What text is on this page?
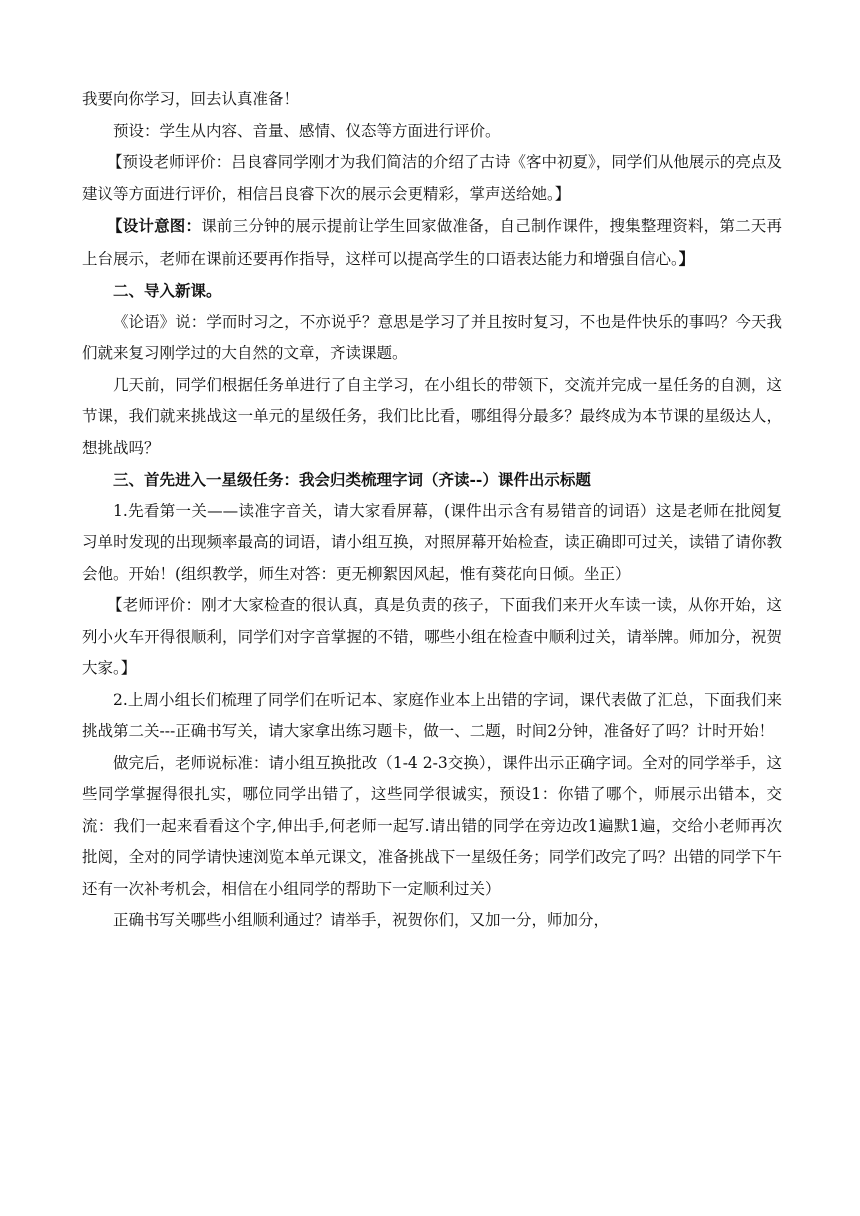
我要向你学习，回去认真准备！

预设：学生从内容、音量、感情、仪态等方面进行评价。

【预设老师评价：吕良睿同学刚才为我们简洁的介绍了古诗《客中初夏》，同学们从他展示的亮点及建议等方面进行评价，相信吕良睿下次的展示会更精彩，掌声送给她。】

【设计意图：课前三分钟的展示提前让学生回家做准备，自己制作课件，搜集整理资料，第二天再上台展示，老师在课前还要再作指导，这样可以提高学生的口语表达能力和增强自信心。】

二、导入新课。

《论语》说：学而时习之，不亦说乎？意思是学习了并且按时复习，不也是件快乐的事吗？今天我们就来复习刚学过的大自然的文章，齐读课题。

几天前，同学们根据任务单进行了自主学习，在小组长的带领下，交流并完成一星任务的自测，这节课，我们就来挑战这一单元的星级任务，我们比比看，哪组得分最多？最终成为本节课的星级达人，想挑战吗？

三、首先进入一星级任务：我会归类梳理字词（齐读--）课件出示标题

1.先看第一关——读准字音关，请大家看屏幕，(课件出示含有易错音的词语）这是老师在批阅复习单时发现的出现频率最高的词语，请小组互换，对照屏幕开始检查，读正确即可过关，读错了请你教会他。开始！(组织教学，师生对答：更无柳絮因风起，惟有葵花向日倾。坐正）

【老师评价：刚才大家检查的很认真，真是负责的孩子，下面我们来开火车读一读，从你开始，这列小火车开得很顺利，同学们对字音掌握的不错，哪些小组在检查中顺利过关，请举牌。师加分，祝贺大家。】

2.上周小组长们梳理了同学们在听记本、家庭作业本上出错的字词，课代表做了汇总，下面我们来挑战第二关---正确书写关，请大家拿出练习题卡，做一、二题，时间2分钟，准备好了吗？计时开始！

做完后，老师说标准：请小组互换批改（1-4 2-3交换），课件出示正确字词。全对的同学举手，这些同学掌握得很扎实，哪位同学出错了，这些同学很诚实，预设1：你错了哪个，师展示出错本，交流：我们一起来看看这个字,伸出手,何老师一起写.请出错的同学在旁边改1遍默1遍，交给小老师再次批阅，全对的同学请快速浏览本单元课文，准备挑战下一星级任务；同学们改完了吗？出错的同学下午还有一次补考机会，相信在小组同学的帮助下一定顺利过关）

正确书写关哪些小组顺利通过？请举手，祝贺你们，又加一分，师加分，
